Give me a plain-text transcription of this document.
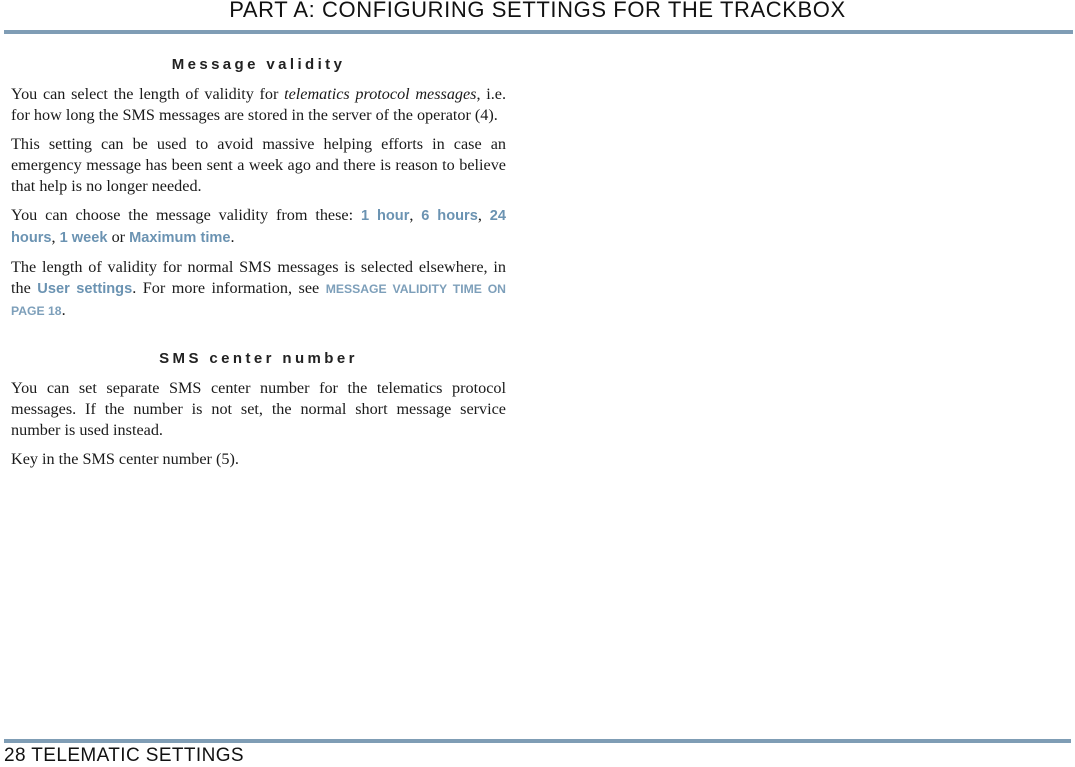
PART A: CONFIGURING SETTINGS FOR THE TRACKBOX
Message validity

You can select the length of validity for telematics protocol messages, i.e. for how long the SMS messages are stored in the server of the operator (4).

This setting can be used to avoid massive helping efforts in case an emergency message has been sent a week ago and there is reason to believe that help is no longer needed.

You can choose the message validity from these: 1 hour, 6 hours, 24 hours, 1 week or Maximum time.

The length of validity for normal SMS messages is selected elsewhere, in the User settings. For more information, see MESSAGE VALIDITY TIME ON PAGE 18.

SMS center number

You can set separate SMS center number for the telematics protocol messages. If the number is not set, the normal short message service number is used instead.

Key in the SMS center number (5).

28 TELEMATIC SETTINGS
